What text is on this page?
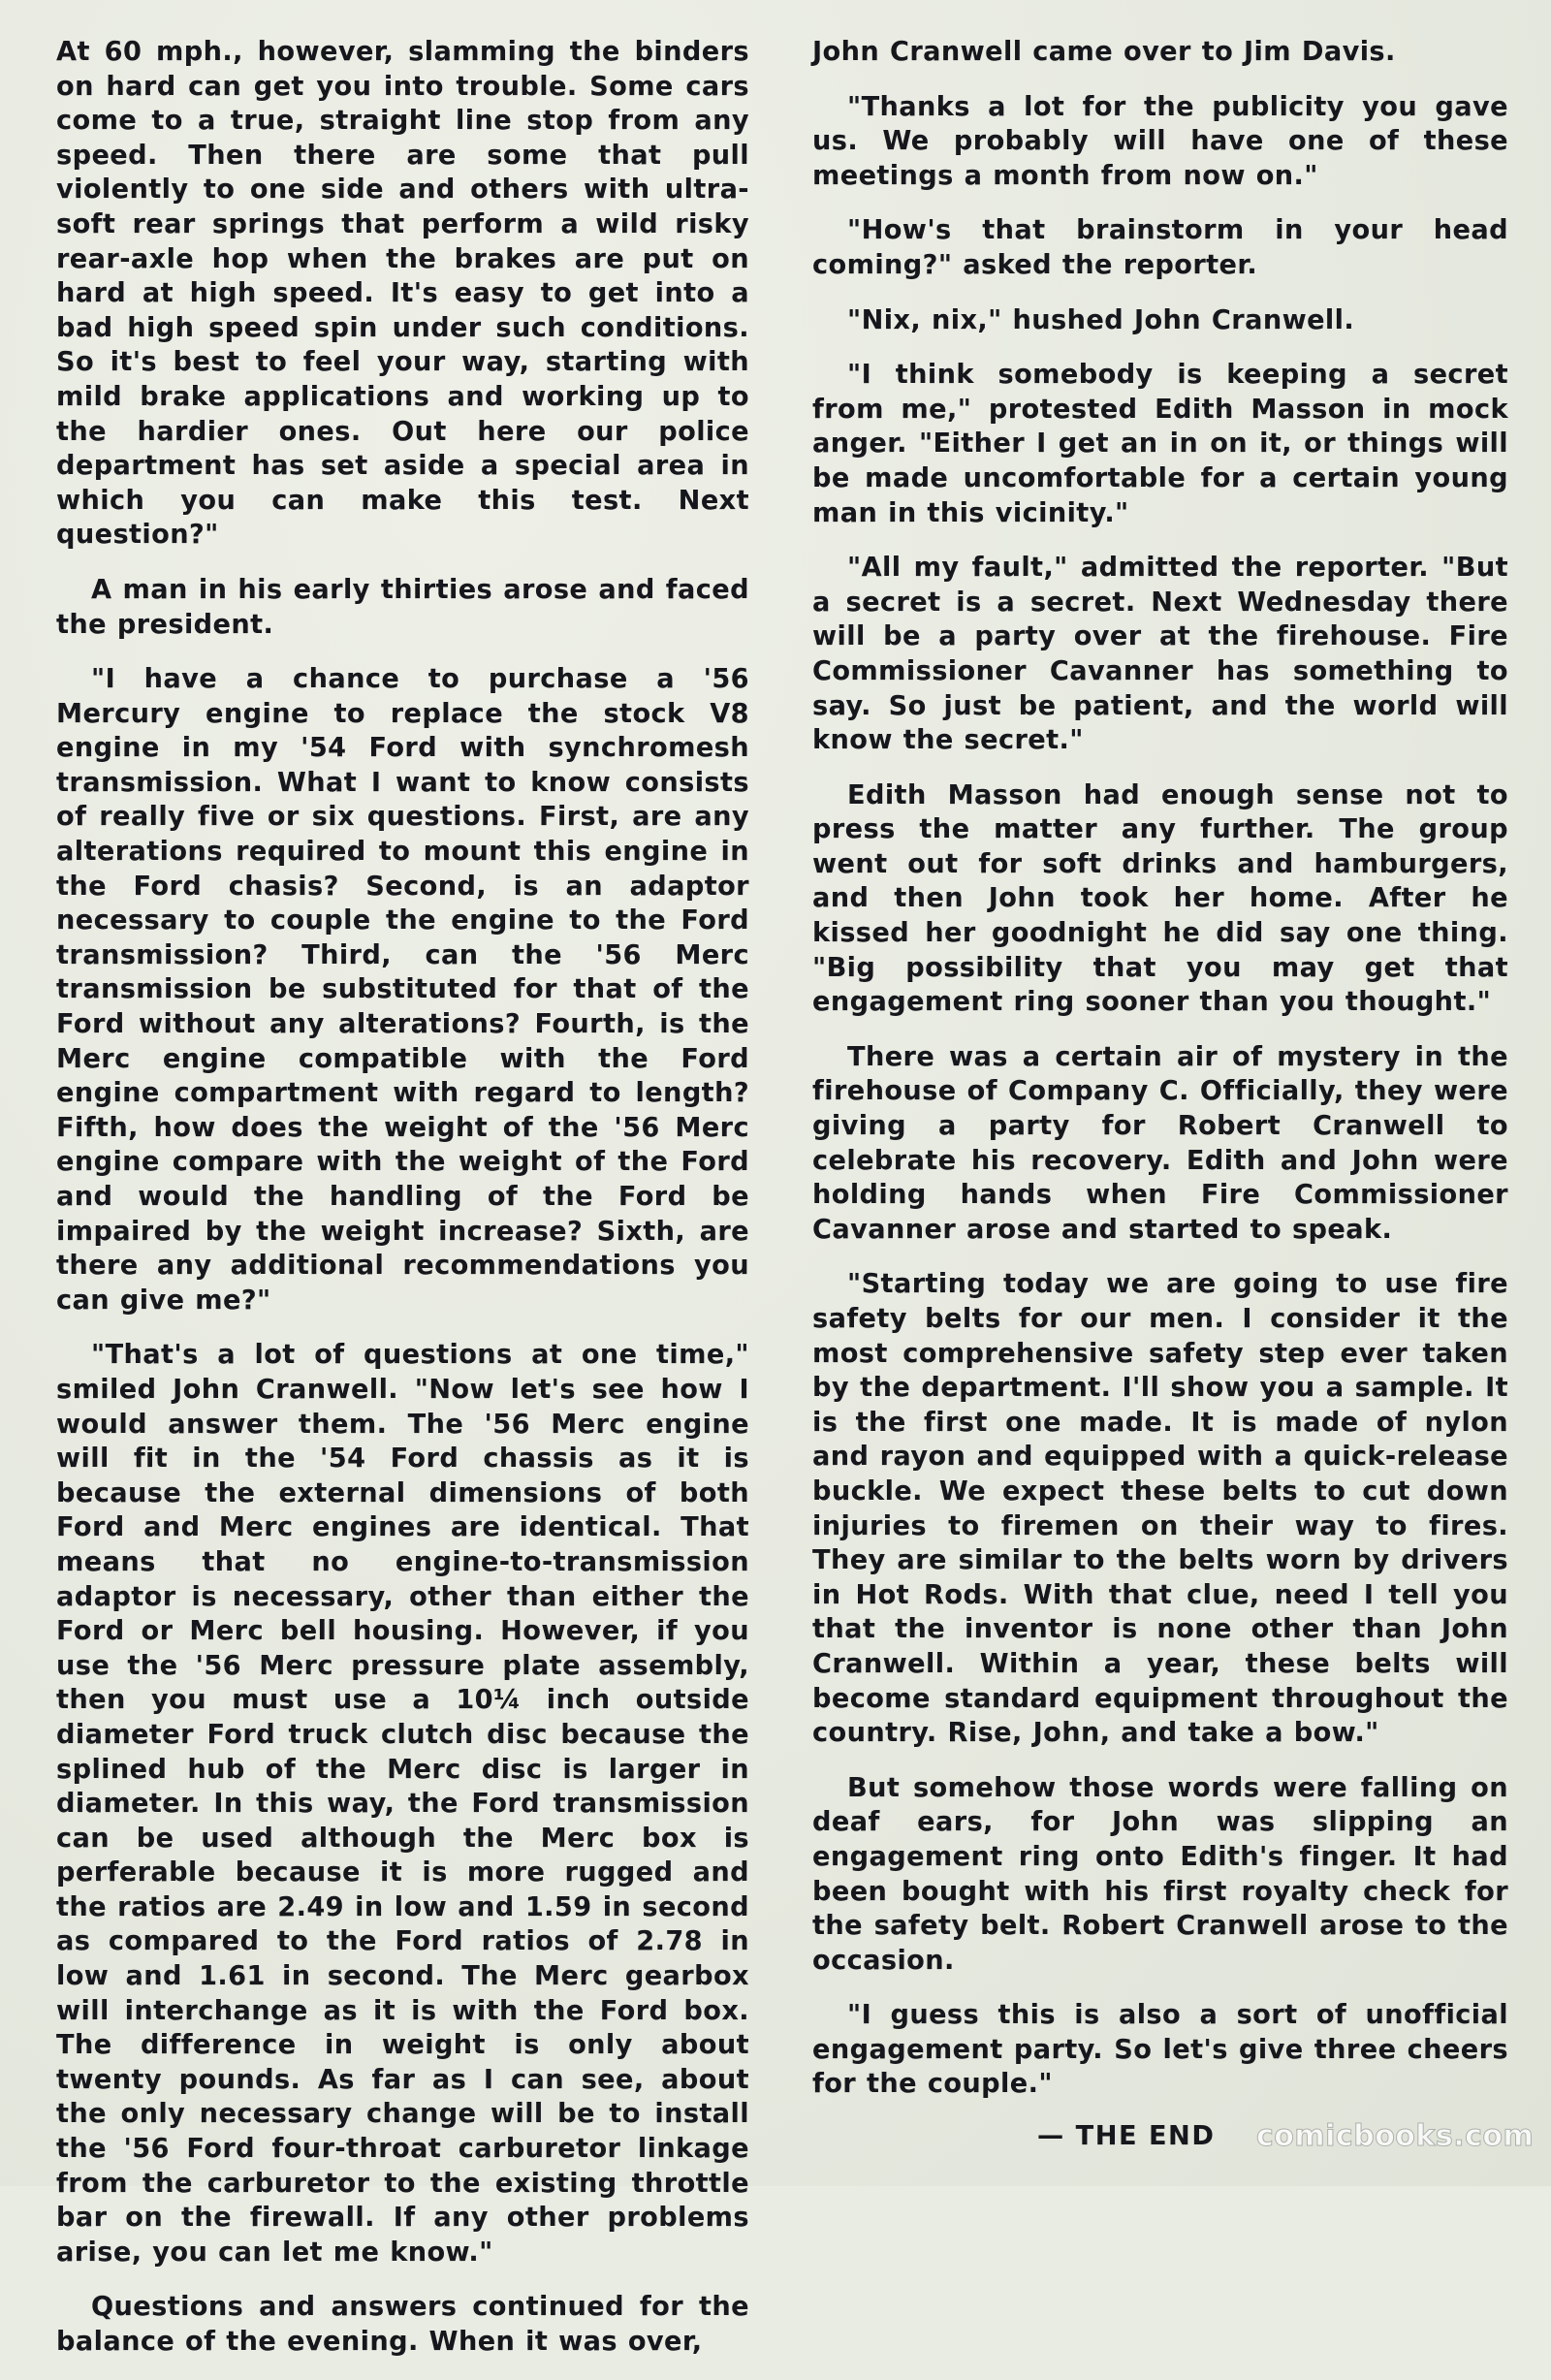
At 60 mph., however, slamming the binders on hard can get you into trouble. Some cars come to a true, straight line stop from any speed. Then there are some that pull violently to one side and others with ultra-soft rear springs that perform a wild risky rear-axle hop when the brakes are put on hard at high speed. It's easy to get into a bad high speed spin under such conditions. So it's best to feel your way, starting with mild brake applications and working up to the hardier ones. Out here our police department has set aside a special area in which you can make this test. Next question?"

A man in his early thirties arose and faced the president.

"I have a chance to purchase a '56 Mercury engine to replace the stock V8 engine in my '54 Ford with synchromesh transmission. What I want to know consists of really five or six questions. First, are any alterations required to mount this engine in the Ford chasis? Second, is an adaptor necessary to couple the engine to the Ford transmission? Third, can the '56 Merc transmission be substituted for that of the Ford without any alterations? Fourth, is the Merc engine compatible with the Ford engine compartment with regard to length? Fifth, how does the weight of the '56 Merc engine compare with the weight of the Ford and would the handling of the Ford be impaired by the weight increase? Sixth, are there any additional recommendations you can give me?"

"That's a lot of questions at one time," smiled John Cranwell. "Now let's see how I would answer them. The '56 Merc engine will fit in the '54 Ford chassis as it is because the external dimensions of both Ford and Merc engines are identical. That means that no engine-to-transmission adaptor is necessary, other than either the Ford or Merc bell housing. However, if you use the '56 Merc pressure plate assembly, then you must use a 10¼ inch outside diameter Ford truck clutch disc because the splined hub of the Merc disc is larger in diameter. In this way, the Ford transmission can be used although the Merc box is perferable because it is more rugged and the ratios are 2.49 in low and 1.59 in second as compared to the Ford ratios of 2.78 in low and 1.61 in second. The Merc gearbox will interchange as it is with the Ford box. The difference in weight is only about twenty pounds. As far as I can see, about the only necessary change will be to install the '56 Ford four-throat carburetor linkage from the carburetor to the existing throttle bar on the firewall. If any other problems arise, you can let me know."

Questions and answers continued for the balance of the evening. When it was over,

John Cranwell came over to Jim Davis.

"Thanks a lot for the publicity you gave us. We probably will have one of these meetings a month from now on."

"How's that brainstorm in your head coming?" asked the reporter.

"Nix, nix," hushed John Cranwell.

"I think somebody is keeping a secret from me," protested Edith Masson in mock anger. "Either I get an in on it, or things will be made uncomfortable for a certain young man in this vicinity."

"All my fault," admitted the reporter. "But a secret is a secret. Next Wednesday there will be a party over at the firehouse. Fire Commissioner Cavanner has something to say. So just be patient, and the world will know the secret."

Edith Masson had enough sense not to press the matter any further. The group went out for soft drinks and hamburgers, and then John took her home. After he kissed her goodnight he did say one thing. "Big possibility that you may get that engagement ring sooner than you thought."

There was a certain air of mystery in the firehouse of Company C. Officially, they were giving a party for Robert Cranwell to celebrate his recovery. Edith and John were holding hands when Fire Commissioner Cavanner arose and started to speak.

"Starting today we are going to use fire safety belts for our men. I consider it the most comprehensive safety step ever taken by the department. I'll show you a sample. It is the first one made. It is made of nylon and rayon and equipped with a quick-release buckle. We expect these belts to cut down injuries to firemen on their way to fires. They are similar to the belts worn by drivers in Hot Rods. With that clue, need I tell you that the inventor is none other than John Cranwell. Within a year, these belts will become standard equipment throughout the country. Rise, John, and take a bow."

But somehow those words were falling on deaf ears, for John was slipping an engagement ring onto Edith's finger. It had been bought with his first royalty check for the safety belt. Robert Cranwell arose to the occasion.

"I guess this is also a sort of unofficial engagement party. So let's give three cheers for the couple."

— THE END comicbooks.com
